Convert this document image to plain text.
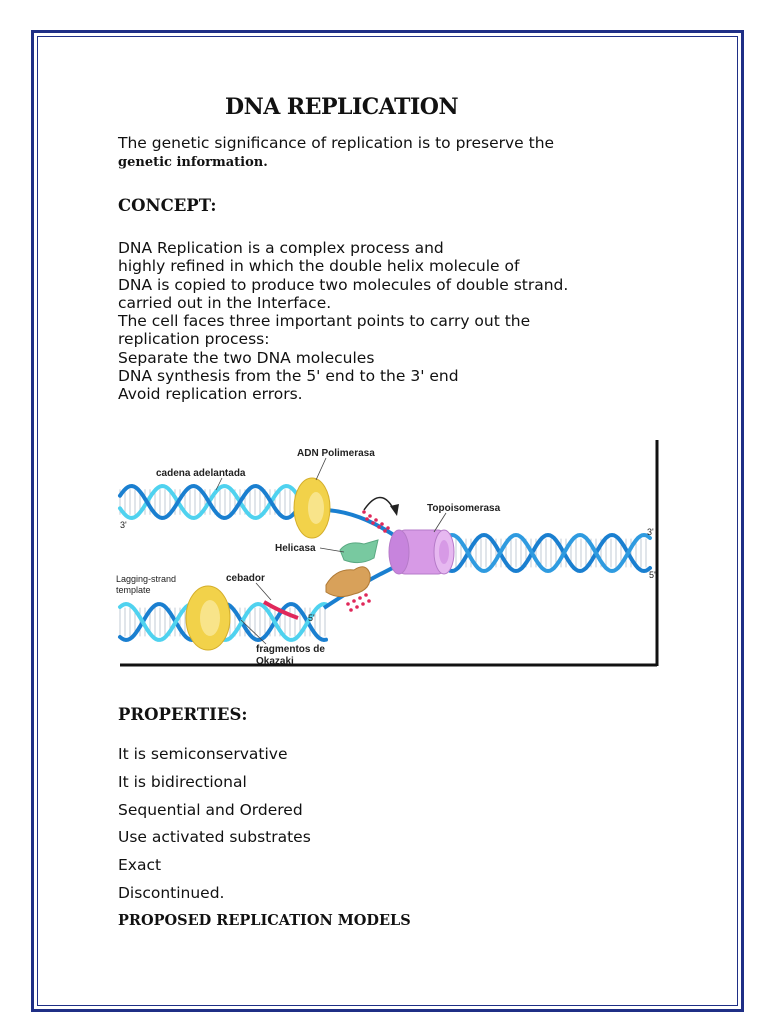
DNA REPLICATION
The genetic significance of replication is to preserve the
genetic information.
CONCEPT:
DNA Replication is a complex process and
highly refined in which the double helix molecule of
DNA is copied to produce two molecules of double strand.
carried out in the Interface.
The cell faces three important points to carry out the
replication process:
Separate the two DNA molecules
DNA synthesis from the 5' end to the 3' end
Avoid replication errors.
cadena adelantada
ADN Polimerasa
Topoisomerasa
Helicasa
cebador
Lagging-strand
template
fragmentos de
Okazaki
3'
3'
5'
5'
PROPERTIES:
It is semiconservative
It is bidirectional
Sequential and Ordered
Use activated substrates
Exact
Discontinued.
PROPOSED REPLICATION MODELS
